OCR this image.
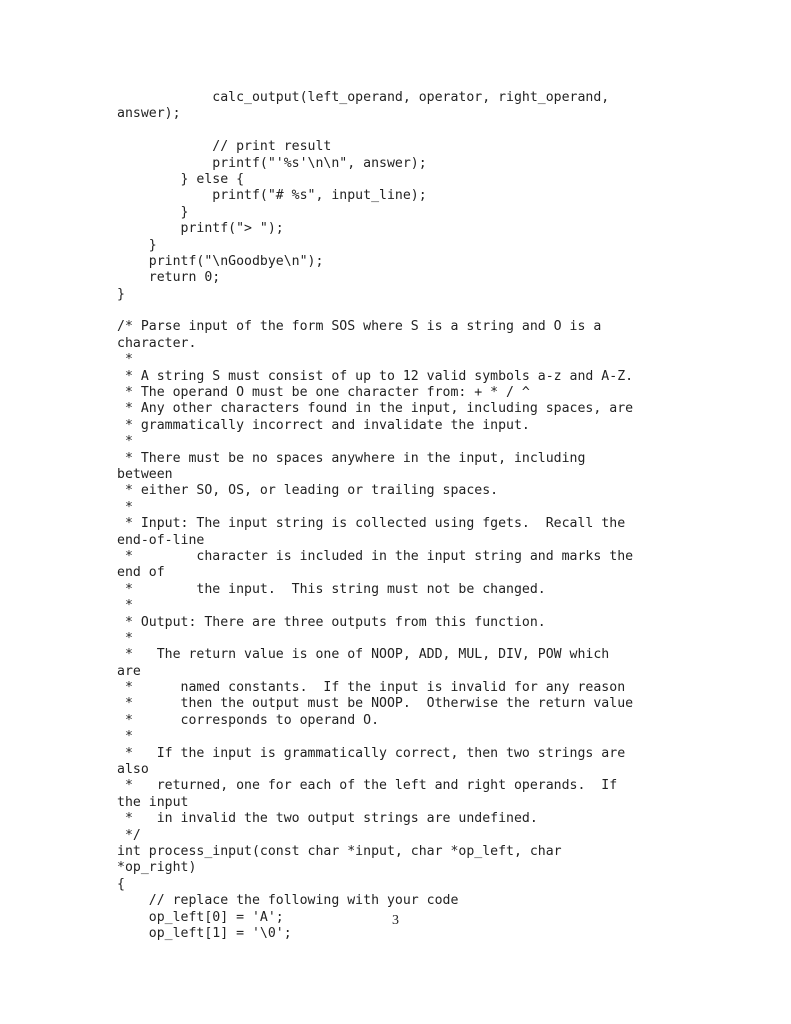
calc_output(left_operand, operator, right_operand,
answer);
// print result
printf("'%s'\n\n", answer);
} else {
printf("# %s", input_line);
}
printf("> ");
}
printf("\nGoodbye\n");
return 0;
}
/* Parse input of the form SOS where S is a string and O is a
character.
*
* A string S must consist of up to 12 valid symbols a-z and A-Z.
* The operand O must be one character from: + * / ^
* Any other characters found in the input, including spaces, are
* grammatically incorrect and invalidate the input.
*
* There must be no spaces anywhere in the input, including
between
* either SO, OS, or leading or trailing spaces.
*
* Input: The input string is collected using fgets.  Recall the
end-of-line
*        character is included in the input string and marks the
end of
*        the input.  This string must not be changed.
*
* Output: There are three outputs from this function.
*
*   The return value is one of NOOP, ADD, MUL, DIV, POW which
are
*      named constants.  If the input is invalid for any reason
*      then the output must be NOOP.  Otherwise the return value
*      corresponds to operand O.
*
*   If the input is grammatically correct, then two strings are
also
*   returned, one for each of the left and right operands.  If
the input
*   in invalid the two output strings are undefined.
*/
int process_input(const char *input, char *op_left, char
*op_right)
{
// replace the following with your code
op_left[0] = 'A';
op_left[1] = '\0';
3
